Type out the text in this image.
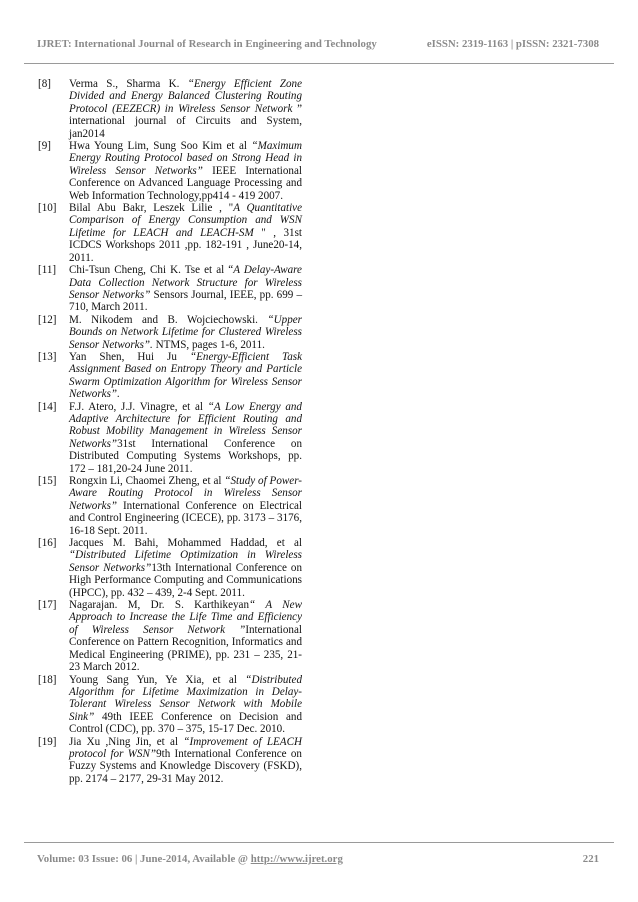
IJRET: International Journal of Research in Engineering and Technology	eISSN: 2319-1163 | pISSN: 2321-7308
[8]	Verma S., Sharma K. “Energy Efficient Zone Divided and Energy Balanced Clustering Routing Protocol (EEZECR) in Wireless Sensor Network ” international journal of Circuits and System, jan2014
[9]	Hwa Young Lim, Sung Soo Kim et al “Maximum Energy Routing Protocol based on Strong Head in Wireless Sensor Networks” IEEE International Conference on Advanced Language Processing and Web Information Technology,pp414 - 419 2007.
[10]	Bilal Abu Bakr, Leszek Lilie , "A Quantitative Comparison of Energy Consumption and WSN Lifetime for LEACH and LEACH-SM " , 31st ICDCS Workshops 2011 ,pp. 182-191 , June20-14, 2011.
[11]	Chi-Tsun Cheng, Chi K. Tse et al “A Delay-Aware Data Collection Network Structure for Wireless Sensor Networks” Sensors Journal, IEEE, pp. 699 – 710, March 2011.
[12]	M. Nikodem and B. Wojciechowski. “Upper Bounds on Network Lifetime for Clustered Wireless Sensor Networks”. NTMS, pages 1-6, 2011.
[13]	Yan Shen, Hui Ju “Energy-Efficient Task Assignment Based on Entropy Theory and Particle Swarm Optimization Algorithm for Wireless Sensor Networks”.
[14]	F.J. Atero, J.J. Vinagre, et al “A Low Energy and Adaptive Architecture for Efficient Routing and Robust Mobility Management in Wireless Sensor Networks”31st International Conference on Distributed Computing Systems Workshops, pp. 172 – 181,20-24 June 2011.
[15]	Rongxin Li, Chaomei Zheng, et al “Study of Power-Aware Routing Protocol in Wireless Sensor Networks” International Conference on Electrical and Control Engineering (ICECE), pp. 3173 – 3176, 16-18 Sept. 2011.
[16]	Jacques M. Bahi, Mohammed Haddad, et al “Distributed Lifetime Optimization in Wireless Sensor Networks”13th International Conference on High Performance Computing and Communications (HPCC), pp. 432 – 439, 2-4 Sept. 2011.
[17]	Nagarajan. M, Dr. S. Karthikeyan“ A New Approach to Increase the Life Time and Efficiency of Wireless Sensor Network ”International Conference on Pattern Recognition, Informatics and Medical Engineering (PRIME), pp. 231 – 235, 21-23 March 2012.
[18]	Young Sang Yun, Ye Xia, et al “Distributed Algorithm for Lifetime Maximization in Delay-Tolerant Wireless Sensor Network with Mobile Sink” 49th IEEE Conference on Decision and Control (CDC), pp. 370 – 375, 15-17 Dec. 2010.
[19]	Jia Xu ,Ning Jin, et al “Improvement of LEACH protocol for WSN”9th International Conference on Fuzzy Systems and Knowledge Discovery (FSKD), pp. 2174 – 2177, 29-31 May 2012.
Volume: 03 Issue: 06 | June-2014, Available @ http://www.ijret.org	221
